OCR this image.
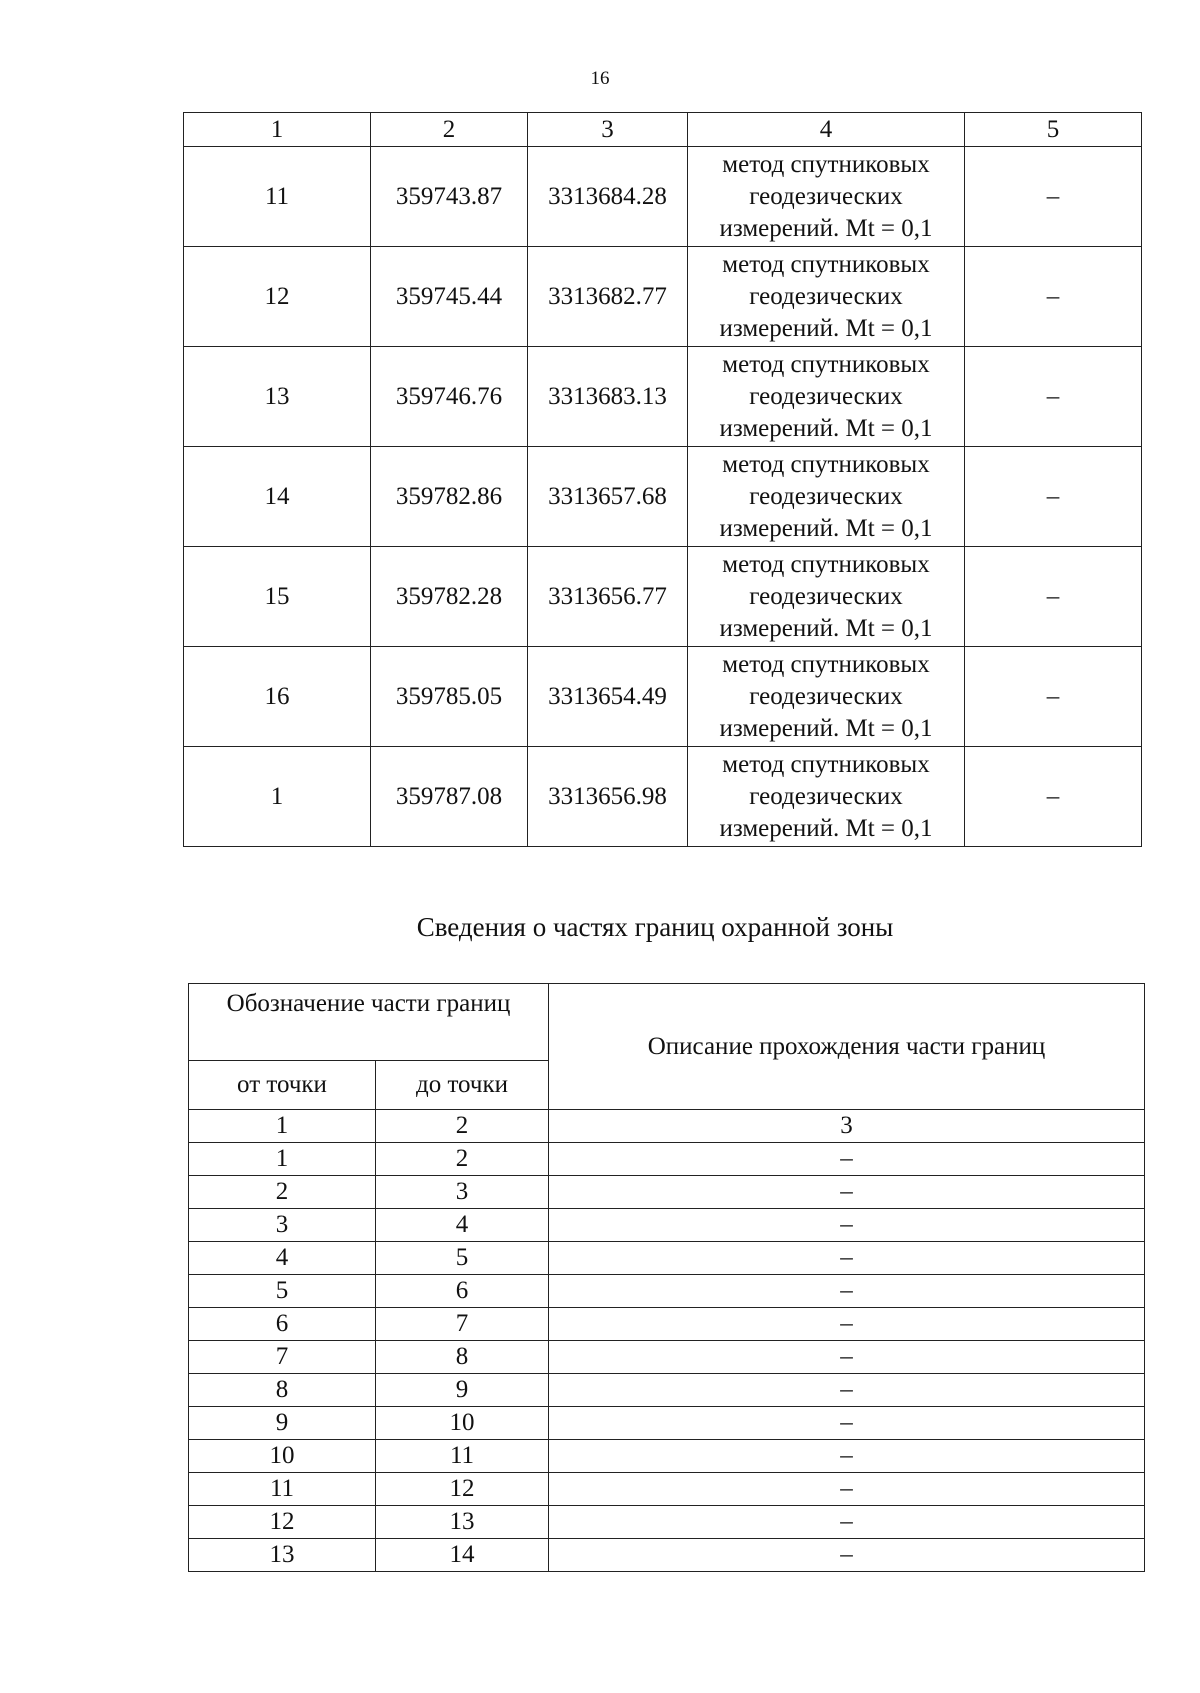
16
1	2	3	4	5
11	359743.87	3313684.28	метод спутниковых
геодезических
измерений. Mt = 0,1	–
12	359745.44	3313682.77	метод спутниковых
геодезических
измерений. Mt = 0,1	–
13	359746.76	3313683.13	метод спутниковых
геодезических
измерений. Mt = 0,1	–
14	359782.86	3313657.68	метод спутниковых
геодезических
измерений. Mt = 0,1	–
15	359782.28	3313656.77	метод спутниковых
геодезических
измерений. Mt = 0,1	–
16	359785.05	3313654.49	метод спутниковых
геодезических
измерений. Mt = 0,1	–
1	359787.08	3313656.98	метод спутниковых
геодезических
измерений. Mt = 0,1	–
Сведения о частях границ охранной зоны
Обозначение части границ		Описание прохождения части границ
от точки	до точки	
1	2	3
1	2	–
2	3	–
3	4	–
4	5	–
5	6	–
6	7	–
7	8	–
8	9	–
9	10	–
10	11	–
11	12	–
12	13	–
13	14	–
